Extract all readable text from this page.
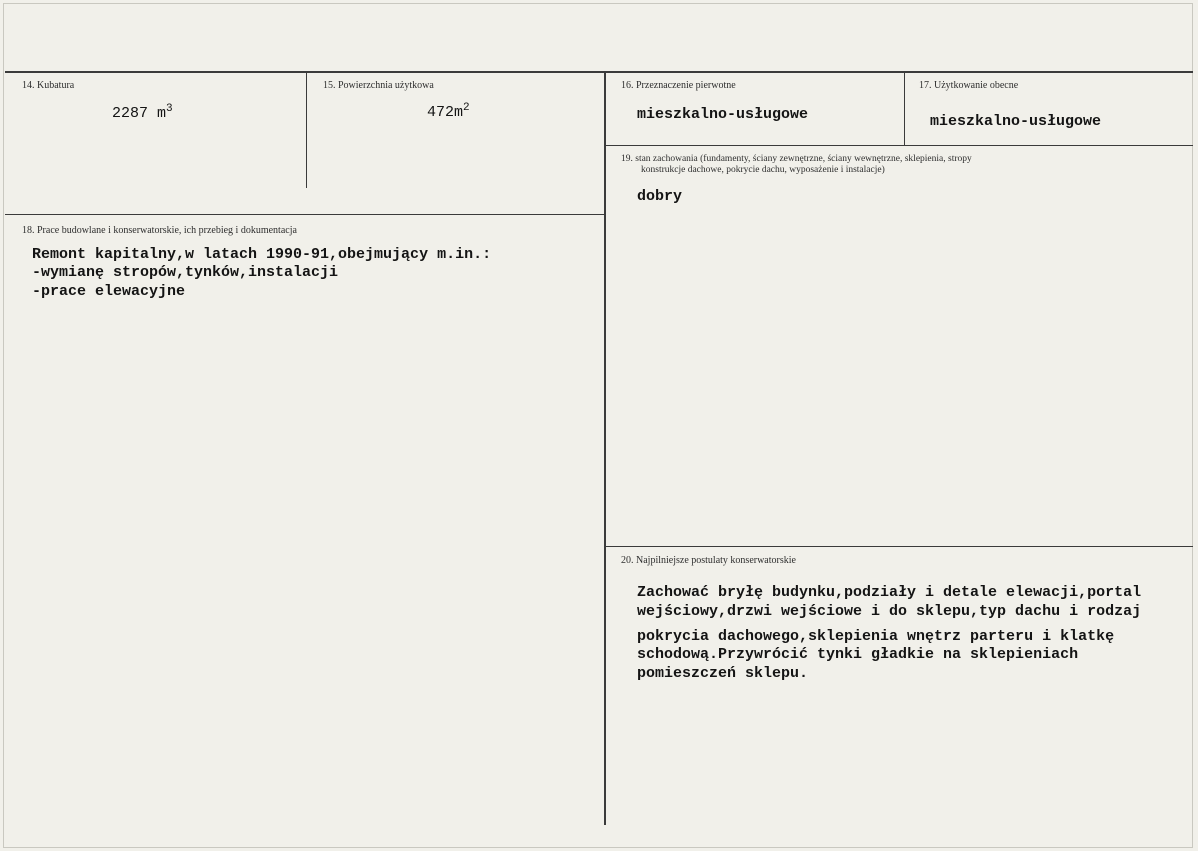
14. Kubatura
2287 $m^3$
15. Powierzchnia użytkowa
$472m^2$
16. Przeznaczenie pierwotne
mieszkalno-usługowe
17. Użytkowanie obecne
mieszkalno-usługowe
19. stan zachowania (fundamenty, ściany zewnętrzne, ściany wewnętrzne, sklepienia, stropy
konstrukcje dachowe, pokrycie dachu, wyposażenie i instalacje)
dobry
18. Prace budowlane i konserwatorskie, ich przebieg i dokumentacja
Remont kapitalny,w latach 1990-91,obejmujący m.in.:
-wymianę stropów,tynków,instalacji
-prace elewacyjne
20. Najpilniejsze postulaty konserwatorskie
Zachować bryłę budynku,podziały i detale elewacji,portal
wejściowy,drzwi wejściowe i do sklepu,typ dachu i rodzaj
pokrycia dachowego,sklepienia wnętrz parteru i klatkę
schodową.Przywrócić tynki gładkie na sklepieniach
pomieszczeń sklepu.
